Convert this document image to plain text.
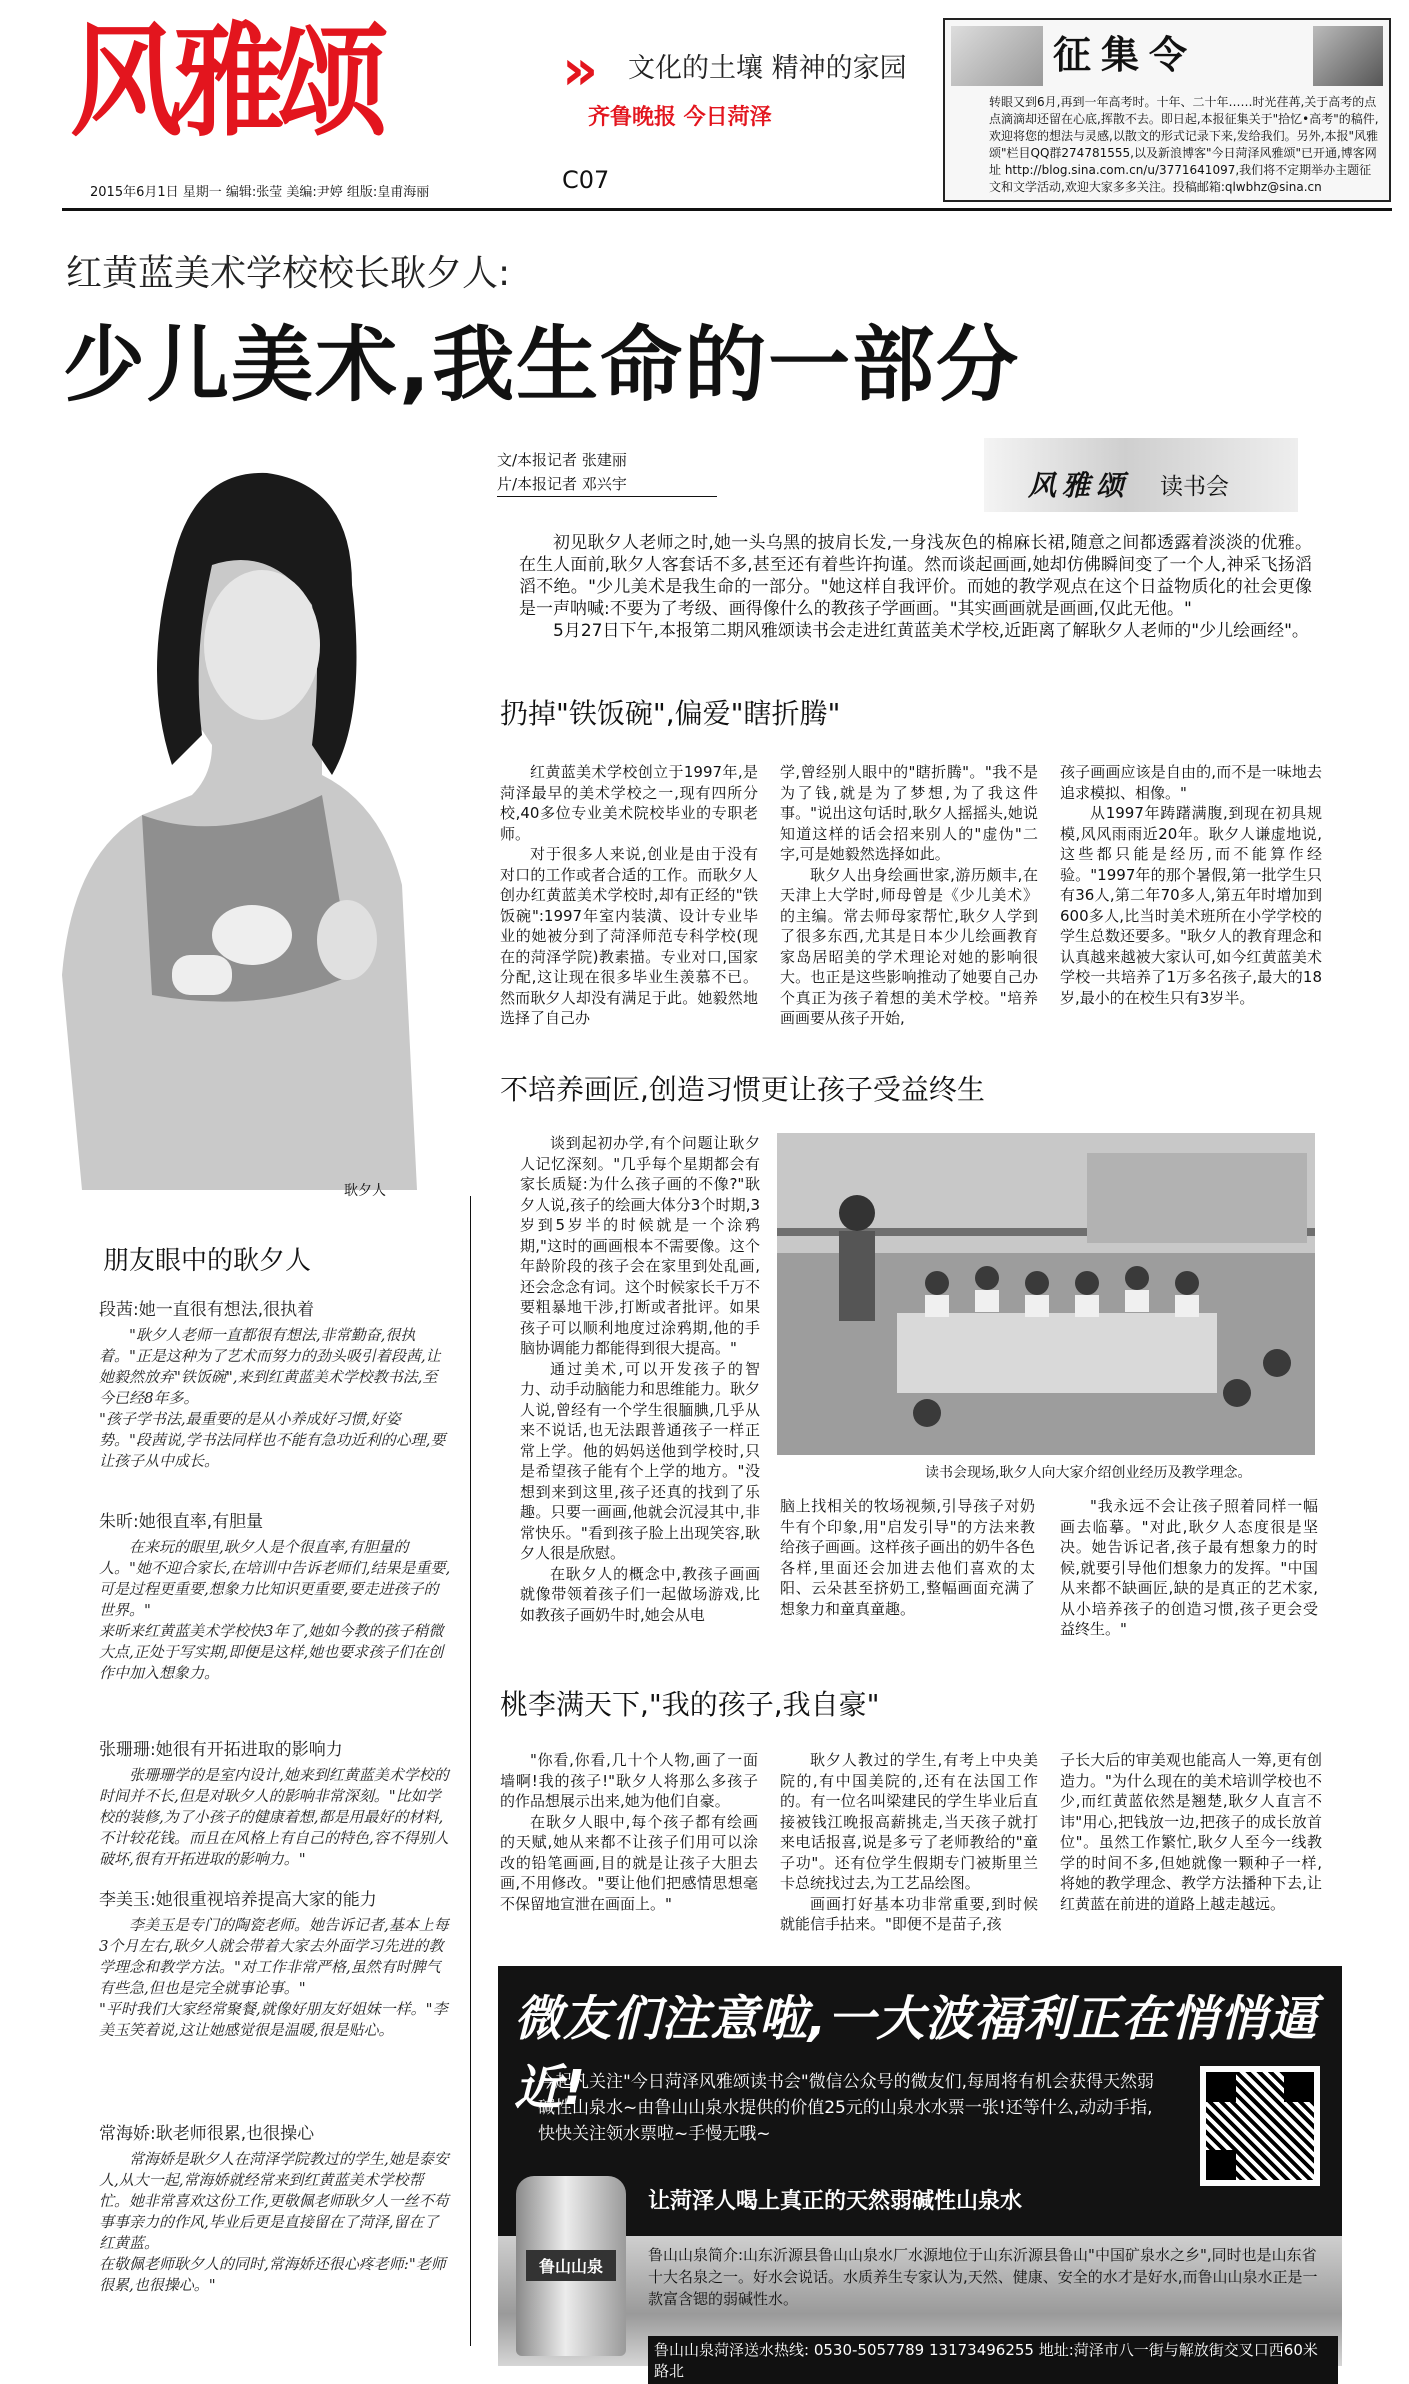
风雅颂	» 文化的土壤 精神的家园
齐鲁晚报 今日菏泽
C07
2015年6月1日 星期一 编辑:张莹 美编:尹婷 组版:皇甫海丽
征集令
转眼又到6月,再到一年高考时。十年、二十年……时光荏苒,关于高考的点点滴滴却还留在心底,挥散不去。即日起,本报征集关于"拾忆•高考"的稿件,欢迎将您的想法与灵感,以散文的形式记录下来,发给我们。另外,本报"风雅颂"栏目QQ群274781555,以及新浪博客"今日菏泽风雅颂"已开通,博客网址 http://blog.sina.com.cn/u/3771641097,我们将不定期举办主题征文和文学活动,欢迎大家多多关注。投稿邮箱:qlwbhz@sina.cn
红黄蓝美术学校校长耿夕人:
少儿美术,我生命的一部分
耿夕人
文/本报记者 张建丽
片/本报记者 邓兴宇	风雅颂 读书会

初见耿夕人老师之时,她一头乌黑的披肩长发,一身浅灰色的棉麻长裙,随意之间都透露着淡淡的优雅。在生人面前,耿夕人客套话不多,甚至还有着些许拘谨。然而谈起画画,她却仿佛瞬间变了一个人,神采飞扬滔滔不绝。"少儿美术是我生命的一部分。"她这样自我评价。而她的教学观点在这个日益物质化的社会更像是一声呐喊:不要为了考级、画得像什么的教孩子学画画。"其实画画就是画画,仅此无他。"

5月27日下午,本报第二期风雅颂读书会走进红黄蓝美术学校,近距离了解耿夕人老师的"少儿绘画经"。

扔掉"铁饭碗",偏爱"瞎折腾"

红黄蓝美术学校创立于1997年,是菏泽最早的美术学校之一,现有四所分校,40多位专业美术院校毕业的专职老师。

对于很多人来说,创业是由于没有对口的工作或者合适的工作。而耿夕人创办红黄蓝美术学校时,却有正经的"铁饭碗":1997年室内装潢、设计专业毕业的她被分到了菏泽师范专科学校(现在的菏泽学院)教素描。专业对口,国家分配,这让现在很多毕业生羡慕不已。然而耿夕人却没有满足于此。她毅然地选择了自己办

学,曾经别人眼中的"瞎折腾"。"我不是为了钱,就是为了梦想,为了我这件事。"说出这句话时,耿夕人摇摇头,她说知道这样的话会招来别人的"虚伪"二字,可是她毅然选择如此。

耿夕人出身绘画世家,游历颇丰,在天津上大学时,师母曾是《少儿美术》的主编。常去师母家帮忙,耿夕人学到了很多东西,尤其是日本少儿绘画教育家岛居昭美的学术理论对她的影响很大。也正是这些影响推动了她要自己办个真正为孩子着想的美术学校。"培养画画要从孩子开始,

孩子画画应该是自由的,而不是一味地去追求模拟、相像。"

从1997年踌躇满腹,到现在初具规模,风风雨雨近20年。耿夕人谦虚地说,这些都只能是经历,而不能算作经验。"1997年的那个暑假,第一批学生只有36人,第二年70多人,第五年时增加到600多人,比当时美术班所在小学学校的学生总数还要多。"耿夕人的教育理念和认真越来越被大家认可,如今红黄蓝美术学校一共培养了1万多名孩子,最大的18岁,最小的在校生只有3岁半。

不培养画匠,创造习惯更让孩子受益终生

谈到起初办学,有个问题让耿夕人记忆深刻。"几乎每个星期都会有家长质疑:为什么孩子画的不像?"耿夕人说,孩子的绘画大体分3个时期,3岁到5岁半的时候就是一个涂鸦期,"这时的画画根本不需要像。这个年龄阶段的孩子会在家里到处乱画,还会念念有词。这个时候家长千万不要粗暴地干涉,打断或者批评。如果孩子可以顺利地度过涂鸦期,他的手脑协调能力都能得到很大提高。"

通过美术,可以开发孩子的智力、动手动脑能力和思维能力。耿夕人说,曾经有一个学生很腼腆,几乎从来不说话,也无法跟普通孩子一样正常上学。他的妈妈送他到学校时,只是希望孩子能有个上学的地方。"没想到来到这里,孩子还真的找到了乐趣。只要一画画,他就会沉浸其中,非常快乐。"看到孩子脸上出现笑容,耿夕人很是欣慰。

在耿夕人的概念中,教孩子画画就像带领着孩子们一起做场游戏,比如教孩子画奶牛时,她会从电

读书会现场,耿夕人向大家介绍创业经历及教学理念。

脑上找相关的牧场视频,引导孩子对奶牛有个印象,用"启发引导"的方法来教给孩子画画。这样孩子画出的奶牛各色各样,里面还会加进去他们喜欢的太阳、云朵甚至挤奶工,整幅画面充满了想象力和童真童趣。

"我永远不会让孩子照着同样一幅画去临摹。"对此,耿夕人态度很是坚决。她告诉记者,孩子最有想象力的时候,就要引导他们想象力的发挥。"中国从来都不缺画匠,缺的是真正的艺术家,从小培养孩子的创造习惯,孩子更会受益终生。"

桃李满天下,"我的孩子,我自豪"

"你看,你看,几十个人物,画了一面墙啊!我的孩子!"耿夕人将那么多孩子的作品想展示出来,她为他们自豪。

在耿夕人眼中,每个孩子都有绘画的天赋,她从来都不让孩子们用可以涂改的铅笔画画,目的就是让孩子大胆去画,不用修改。"要让他们把感情思想毫不保留地宣泄在画面上。"

耿夕人教过的学生,有考上中央美院的,有中国美院的,还有在法国工作的。有一位名叫梁建民的学生毕业后直接被钱江晚报高薪挑走,当天孩子就打来电话报喜,说是多亏了老师教给的"童子功"。还有位学生假期专门被斯里兰卡总统找过去,为工艺品绘图。

画画打好基本功非常重要,到时候就能信手拈来。"即便不是苗子,孩

子长大后的审美观也能高人一筹,更有创造力。"为什么现在的美术培训学校也不少,而红黄蓝依然是翘楚,耿夕人直言不讳"用心,把钱放一边,把孩子的成长放首位"。虽然工作繁忙,耿夕人至今一线教学的时间不多,但她就像一颗种子一样,将她的教学理念、教学方法播种下去,让红黄蓝在前进的道路上越走越远。

朋友眼中的耿夕人
段茜:她一直很有想法,很执着

"耿夕人老师一直都很有想法,非常勤奋,很执着。"正是这种为了艺术而努力的劲头吸引着段茜,让她毅然放弃"铁饭碗",来到红黄蓝美术学校教书法,至今已经8年多。
"孩子学书法,最重要的是从小养成好习惯,好姿势。"段茜说,学书法同样也不能有急功近利的心理,要让孩子从中成长。

朱昕:她很直率,有胆量

在来玩的眼里,耿夕人是个很直率,有胆量的人。"她不迎合家长,在培训中告诉老师们,结果是重要,可是过程更重要,想象力比知识更重要,要走进孩子的世界。"
来昕来红黄蓝美术学校快3年了,她如今教的孩子稍微大点,正处于写实期,即便是这样,她也要求孩子们在创作中加入想象力。

张珊珊:她很有开拓进取的影响力

张珊珊学的是室内设计,她来到红黄蓝美术学校的时间并不长,但是对耿夕人的影响非常深刻。"比如学校的装修,为了小孩子的健康着想,都是用最好的材料,不计较花钱。而且在风格上有自己的特色,容不得别人破坏,很有开拓进取的影响力。"

李美玉:她很重视培养提高大家的能力

李美玉是专门的陶瓷老师。她告诉记者,基本上每3个月左右,耿夕人就会带着大家去外面学习先进的教学理念和教学方法。"对工作非常严格,虽然有时脾气有些急,但也是完全就事论事。"
"平时我们大家经常聚餐,就像好朋友好姐妹一样。"李美玉笑着说,这让她感觉很是温暖,很是贴心。

常海娇:耿老师很累,也很操心

常海娇是耿夕人在菏泽学院教过的学生,她是泰安人,从大一起,常海娇就经常来到红黄蓝美术学校帮忙。她非常喜欢这份工作,更敬佩老师耿夕人一丝不苟事事亲力的作风,毕业后更是直接留在了菏泽,留在了红黄蓝。
在敬佩老师耿夕人的同时,常海娇还很心疼老师:"老师很累,也很操心。"

微友们注意啦,一大波福利正在悄悄逼近!
今起凡关注"今日菏泽风雅颂读书会"微信公众号的微友们,每周将有机会获得天然弱碱性山泉水~由鲁山山泉水提供的价值25元的山泉水水票一张!还等什么,动动手指,快快关注领水票啦~手慢无哦~
让菏泽人喝上真正的天然弱碱性山泉水
鲁山山泉简介:山东沂源县鲁山山泉水厂水源地位于山东沂源县鲁山"中国矿泉水之乡",同时也是山东省十大名泉之一。好水会说话。水质养生专家认为,天然、健康、安全的水才是好水,而鲁山山泉水正是一款富含锶的弱碱性水。
鲁山山泉菏泽送水热线: 0530-5057789 13173496255 地址:菏泽市八一街与解放街交叉口西60米路北
鲁山山泉
